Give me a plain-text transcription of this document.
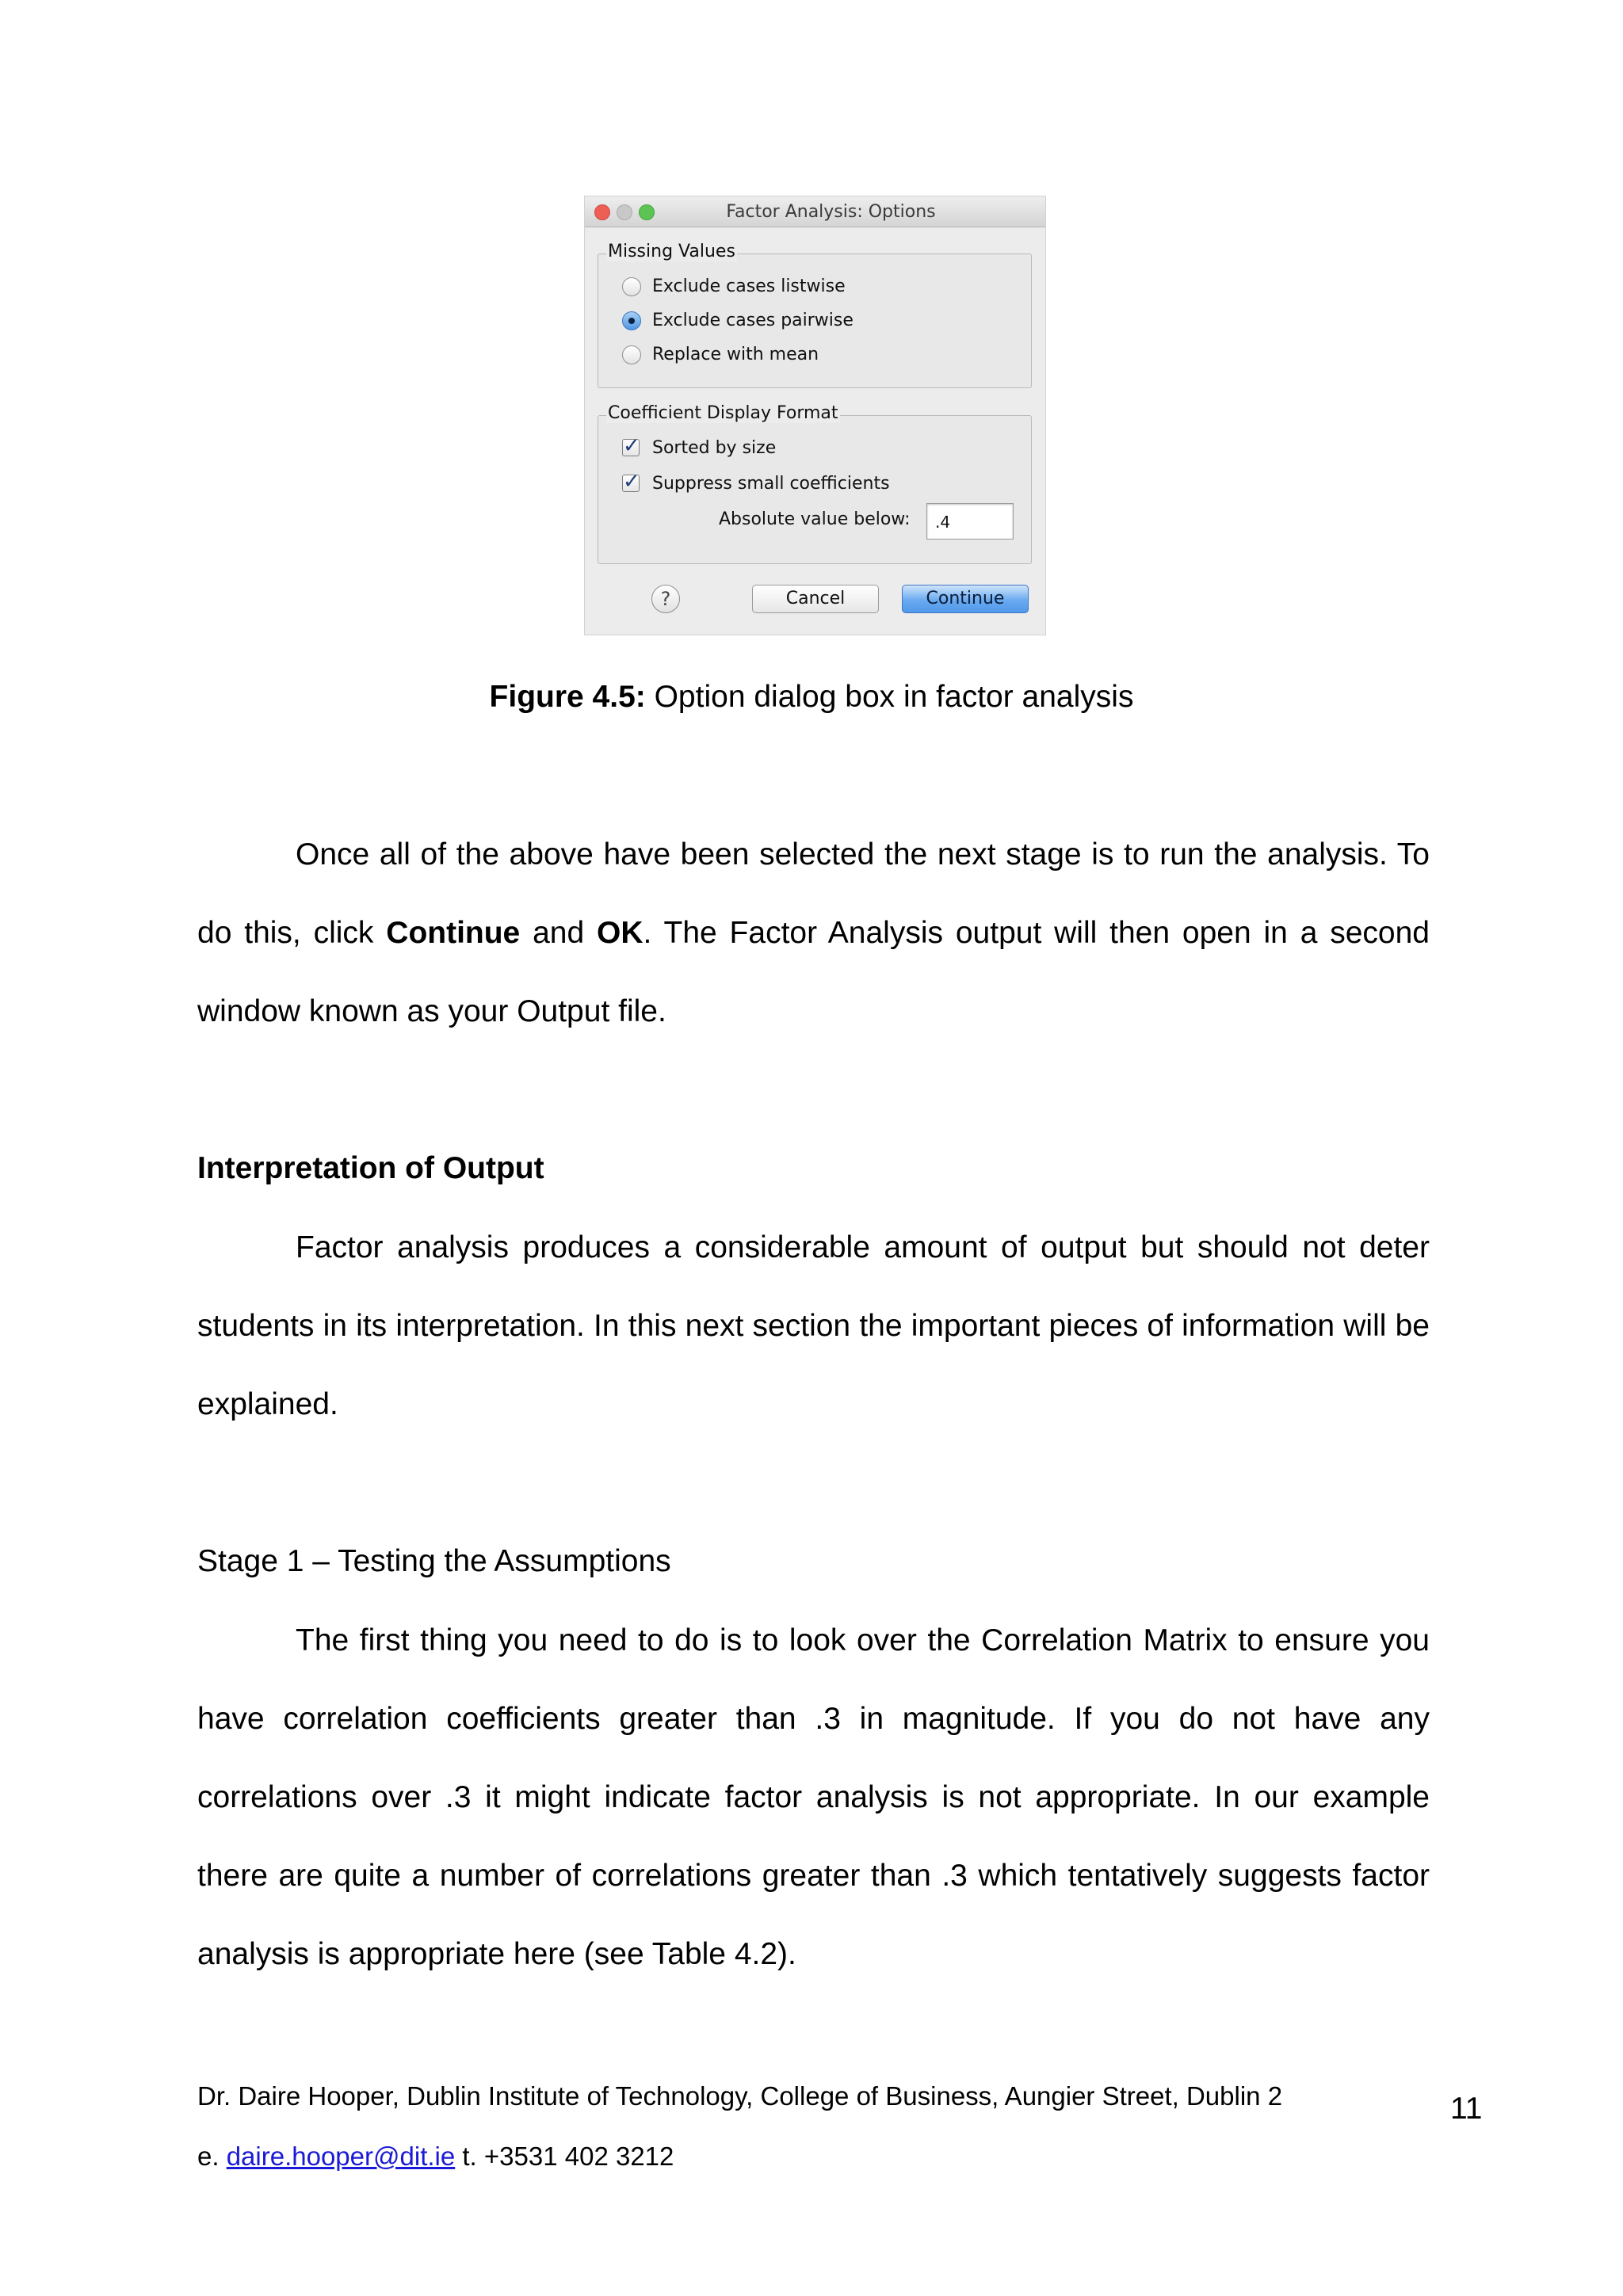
Factor Analysis: Options
Missing Values
Exclude cases listwise
Exclude cases pairwise
Replace with mean
Coefficient Display Format
✓ Sorted by size
✓ Suppress small coefficients
Absolute value below:	.4
?	Cancel	Continue
Figure 4.5: Option dialog box in factor analysis

Once all of the above have been selected the next stage is to run the analysis. To do this, click Continue and OK. The Factor Analysis output will then open in a second window known as your Output file.

Interpretation of Output

Factor analysis produces a considerable amount of output but should not deter students in its interpretation. In this next section the important pieces of information will be explained.

Stage 1 – Testing the Assumptions

The first thing you need to do is to look over the Correlation Matrix to ensure you have correlation coefficients greater than .3 in magnitude. If you do not have any correlations over .3 it might indicate factor analysis is not appropriate. In our example there are quite a number of correlations greater than .3 which tentatively suggests factor analysis is appropriate here (see Table 4.2).

Dr. Daire Hooper, Dublin Institute of Technology, College of Business, Aungier Street, Dublin 2
e. daire.hooper@dit.ie t. +3531 402 3212
11
